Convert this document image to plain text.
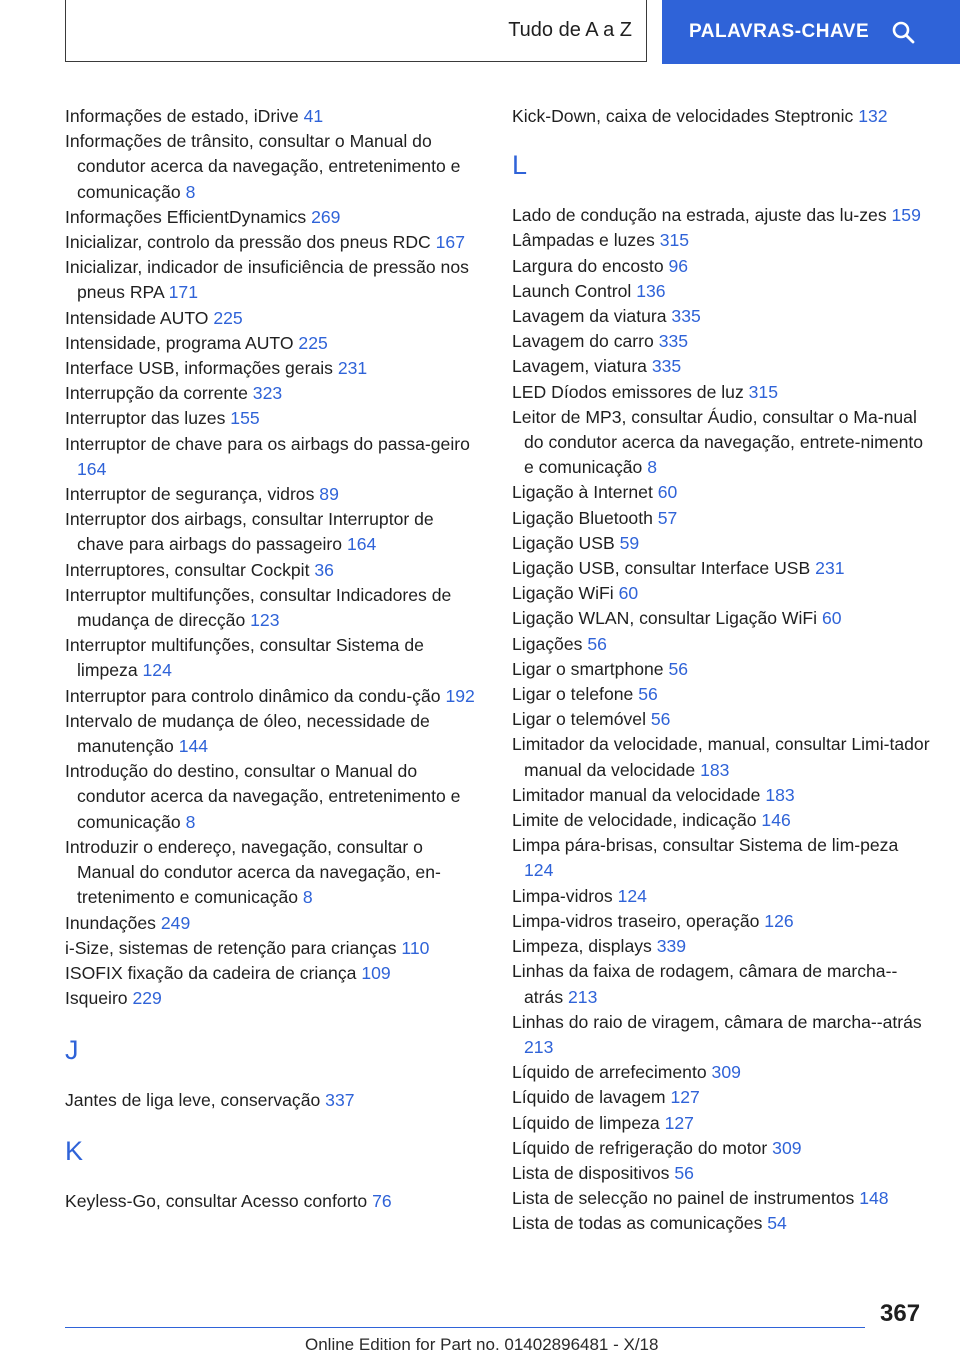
Tudo de A a Z	PALAVRAS-CHAVE
Informações de estado, iDrive 41
Informações de trânsito, consultar o Manual do condutor acerca da navegação, entretenimento e comunicação 8
Informações EfficientDynamics 269
Inicializar, controlo da pressão dos pneus RDC 167
Inicializar, indicador de insuficiência de pressão nos pneus RPA 171
Intensidade AUTO 225
Intensidade, programa AUTO 225
Interface USB, informações gerais 231
Interrupção da corrente 323
Interruptor das luzes 155
Interruptor de chave para os airbags do passa‐geiro 164
Interruptor de segurança, vidros 89
Interruptor dos airbags, consultar Interruptor de chave para airbags do passageiro 164
Interruptores, consultar Cockpit 36
Interruptor multifunções, consultar Indicadores de mudança de direcção 123
Interruptor multifunções, consultar Sistema de limpeza 124
Interruptor para controlo dinâmico da condu‐ção 192
Intervalo de mudança de óleo, necessidade de manutenção 144
Introdução do destino, consultar o Manual do condutor acerca da navegação, entretenimento e comunicação 8
Introduzir o endereço, navegação, consultar o Manual do condutor acerca da navegação, en‐tretenimento e comunicação 8
Inundações 249
i-Size, sistemas de retenção para crianças 110
ISOFIX fixação da cadeira de criança 109
Isqueiro 229
J
Jantes de liga leve, conservação 337
K
Keyless-Go, consultar Acesso conforto 76
Kick-Down, caixa de velocidades Steptronic 132
L
Lado de condução na estrada, ajuste das lu‐zes 159
Lâmpadas e luzes 315
Largura do encosto 96
Launch Control 136
Lavagem da viatura 335
Lavagem do carro 335
Lavagem, viatura 335
LED Díodos emissores de luz 315
Leitor de MP3, consultar Áudio, consultar o Ma‐nual do condutor acerca da navegação, entrete‐nimento e comunicação 8
Ligação à Internet 60
Ligação Bluetooth 57
Ligação USB 59
Ligação USB, consultar Interface USB 231
Ligação WiFi 60
Ligação WLAN, consultar Ligação WiFi 60
Ligações 56
Ligar o smartphone 56
Ligar o telefone 56
Ligar o telemóvel 56
Limitador da velocidade, manual, consultar Limi‐tador manual da velocidade 183
Limitador manual da velocidade 183
Limite de velocidade, indicação 146
Limpa pára-brisas, consultar Sistema de lim‐peza 124
Limpa-vidros 124
Limpa-vidros traseiro, operação 126
Limpeza, displays 339
Linhas da faixa de rodagem, câmara de marcha-‐atrás 213
Linhas do raio de viragem, câmara de marcha-‐atrás 213
Líquido de arrefecimento 309
Líquido de lavagem 127
Líquido de limpeza 127
Líquido de refrigeração do motor 309
Lista de dispositivos 56
Lista de selecção no painel de instrumentos 148
Lista de todas as comunicações 54
367
Online Edition for Part no. 01402896481 - X/18
